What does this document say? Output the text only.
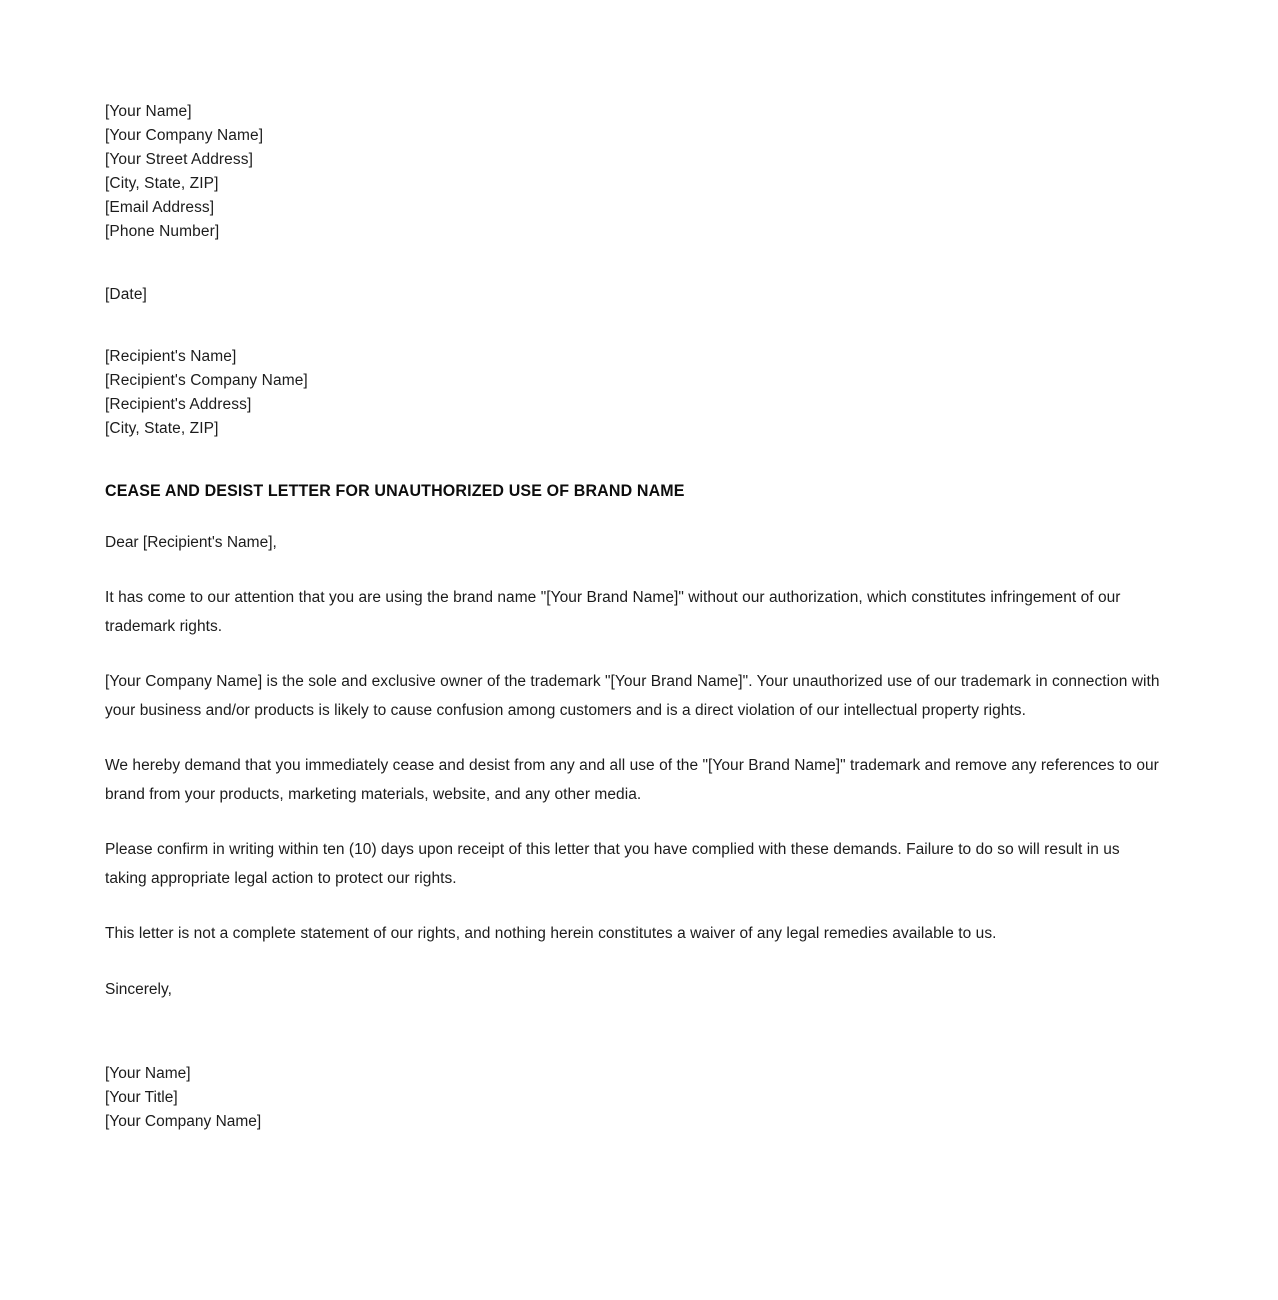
[Your Name]
[Your Company Name]
[Your Street Address]
[City, State, ZIP]
[Email Address]
[Phone Number]
[Date]
[Recipient's Name]
[Recipient's Company Name]
[Recipient's Address]
[City, State, ZIP]
CEASE AND DESIST LETTER FOR UNAUTHORIZED USE OF BRAND NAME
Dear [Recipient's Name],

It has come to our attention that you are using the brand name "[Your Brand Name]" without our authorization, which constitutes infringement of our trademark rights.

[Your Company Name] is the sole and exclusive owner of the trademark "[Your Brand Name]". Your unauthorized use of our trademark in connection with your business and/or products is likely to cause confusion among customers and is a direct violation of our intellectual property rights.

We hereby demand that you immediately cease and desist from any and all use of the "[Your Brand Name]" trademark and remove any references to our brand from your products, marketing materials, website, and any other media.

Please confirm in writing within ten (10) days upon receipt of this letter that you have complied with these demands. Failure to do so will result in us taking appropriate legal action to protect our rights.

This letter is not a complete statement of our rights, and nothing herein constitutes a waiver of any legal remedies available to us.

Sincerely,
[Your Name]
[Your Title]
[Your Company Name]
